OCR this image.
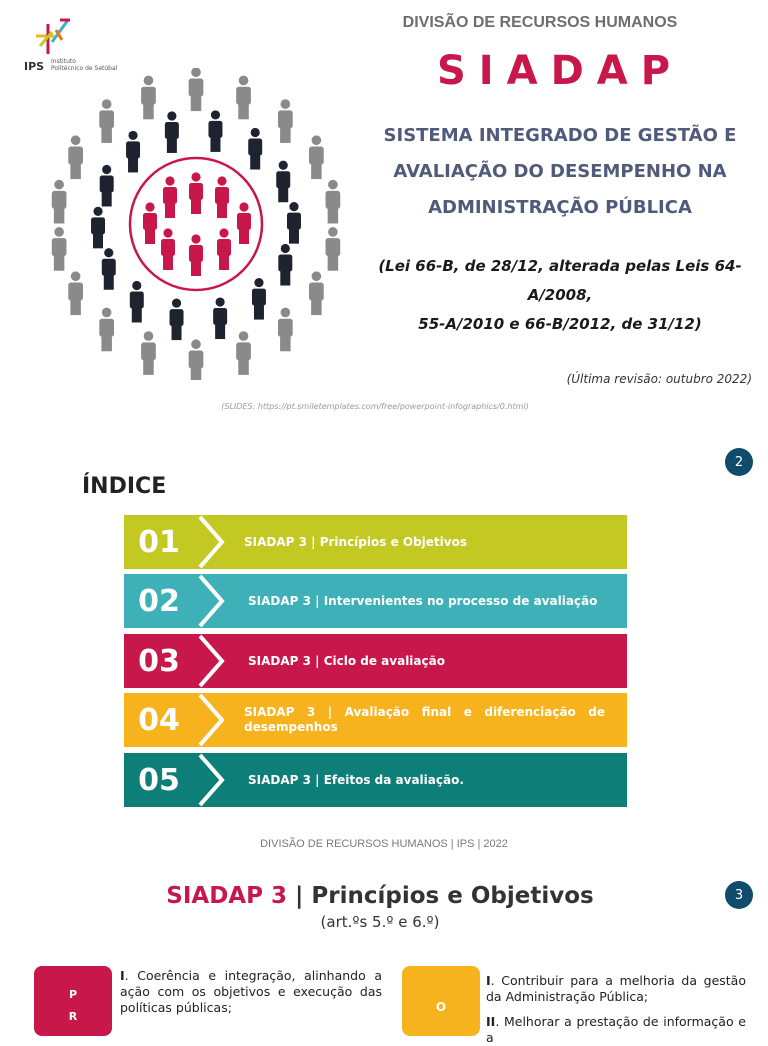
IPS Instituto
Politécnico de Setúbal
DIVISÃO DE RECURSOS HUMANOS
SIADAP
SISTEMA INTEGRADO DE GESTÃO E
AVALIAÇÃO DO DESEMPENHO NA
ADMINISTRAÇÃO PÚBLICA
(Lei 66-B, de 28/12, alterada pelas Leis 64-A/2008,
55-A/2010 e 66-B/2012, de 31/12)
(Última revisão: outubro 2022)
(SLIDES: https://pt.smiletemplates.com/free/powerpoint-infographics/0.html)
2
ÍNDICE
01	SIADAP 3 | Princípios e Objetivos
02	SIADAP 3 | Intervenientes no processo de avaliação
03	SIADAP 3 | Ciclo de avaliação
04	SIADAP 3 | Avaliação final e diferenciação de desempenhos
05	SIADAP 3 | Efeitos da avaliação.
DIVISÃO DE RECURSOS HUMANOS | IPS | 2022
3
SIADAP 3 | Princípios e Objetivos
(art.ºs 5.º e 6.º)
P
R
I. Coerência e integração, alinhando a ação com os objetivos e execução das políticas públicas;	O
I. Contribuir para a melhoria da gestão da Administração Pública;
II. Melhorar a prestação de informação e a
